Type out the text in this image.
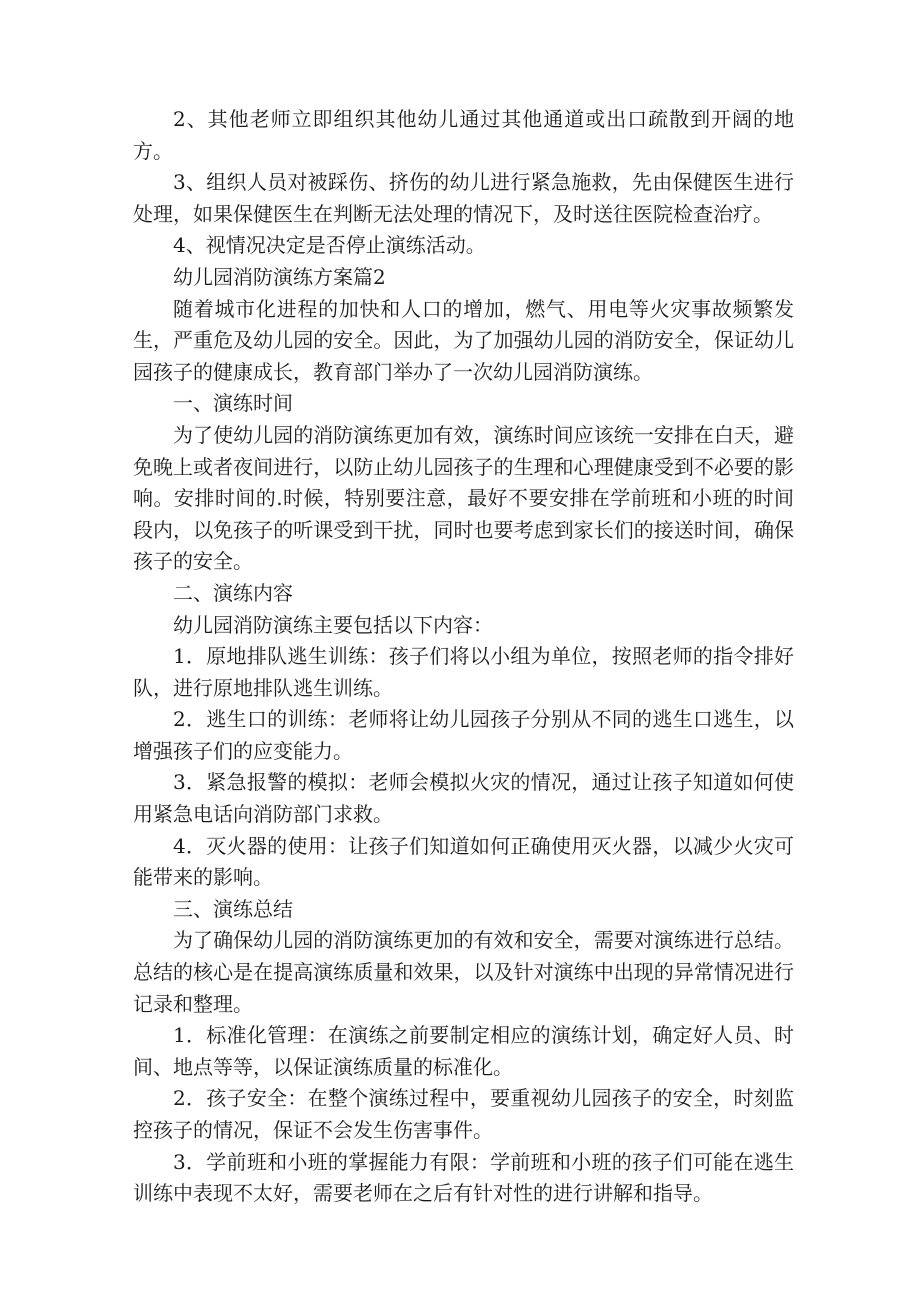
2、其他老师立即组织其他幼儿通过其他通道或出口疏散到开阔的地方。

3、组织人员对被踩伤、挤伤的幼儿进行紧急施救，先由保健医生进行处理，如果保健医生在判断无法处理的情况下，及时送往医院检查治疗。

4、视情况决定是否停止演练活动。

幼儿园消防演练方案篇2

随着城市化进程的加快和人口的增加，燃气、用电等火灾事故频繁发生，严重危及幼儿园的安全。因此，为了加强幼儿园的消防安全，保证幼儿园孩子的健康成长，教育部门举办了一次幼儿园消防演练。

一、演练时间

为了使幼儿园的消防演练更加有效，演练时间应该统一安排在白天，避免晚上或者夜间进行，以防止幼儿园孩子的生理和心理健康受到不必要的影响。安排时间的.时候，特别要注意，最好不要安排在学前班和小班的时间段内，以免孩子的听课受到干扰，同时也要考虑到家长们的接送时间，确保孩子的安全。

二、演练内容

幼儿园消防演练主要包括以下内容：

1．原地排队逃生训练：孩子们将以小组为单位，按照老师的指令排好队，进行原地排队逃生训练。

2．逃生口的训练：老师将让幼儿园孩子分别从不同的逃生口逃生，以增强孩子们的应变能力。

3．紧急报警的模拟：老师会模拟火灾的情况，通过让孩子知道如何使用紧急电话向消防部门求救。

4．灭火器的使用：让孩子们知道如何正确使用灭火器，以减少火灾可能带来的影响。

三、演练总结

为了确保幼儿园的消防演练更加的有效和安全，需要对演练进行总结。总结的核心是在提高演练质量和效果，以及针对演练中出现的异常情况进行记录和整理。

1．标准化管理：在演练之前要制定相应的演练计划，确定好人员、时间、地点等等，以保证演练质量的标准化。

2．孩子安全：在整个演练过程中，要重视幼儿园孩子的安全，时刻监控孩子的情况，保证不会发生伤害事件。

3．学前班和小班的掌握能力有限：学前班和小班的孩子们可能在逃生训练中表现不太好，需要老师在之后有针对性的进行讲解和指导。
